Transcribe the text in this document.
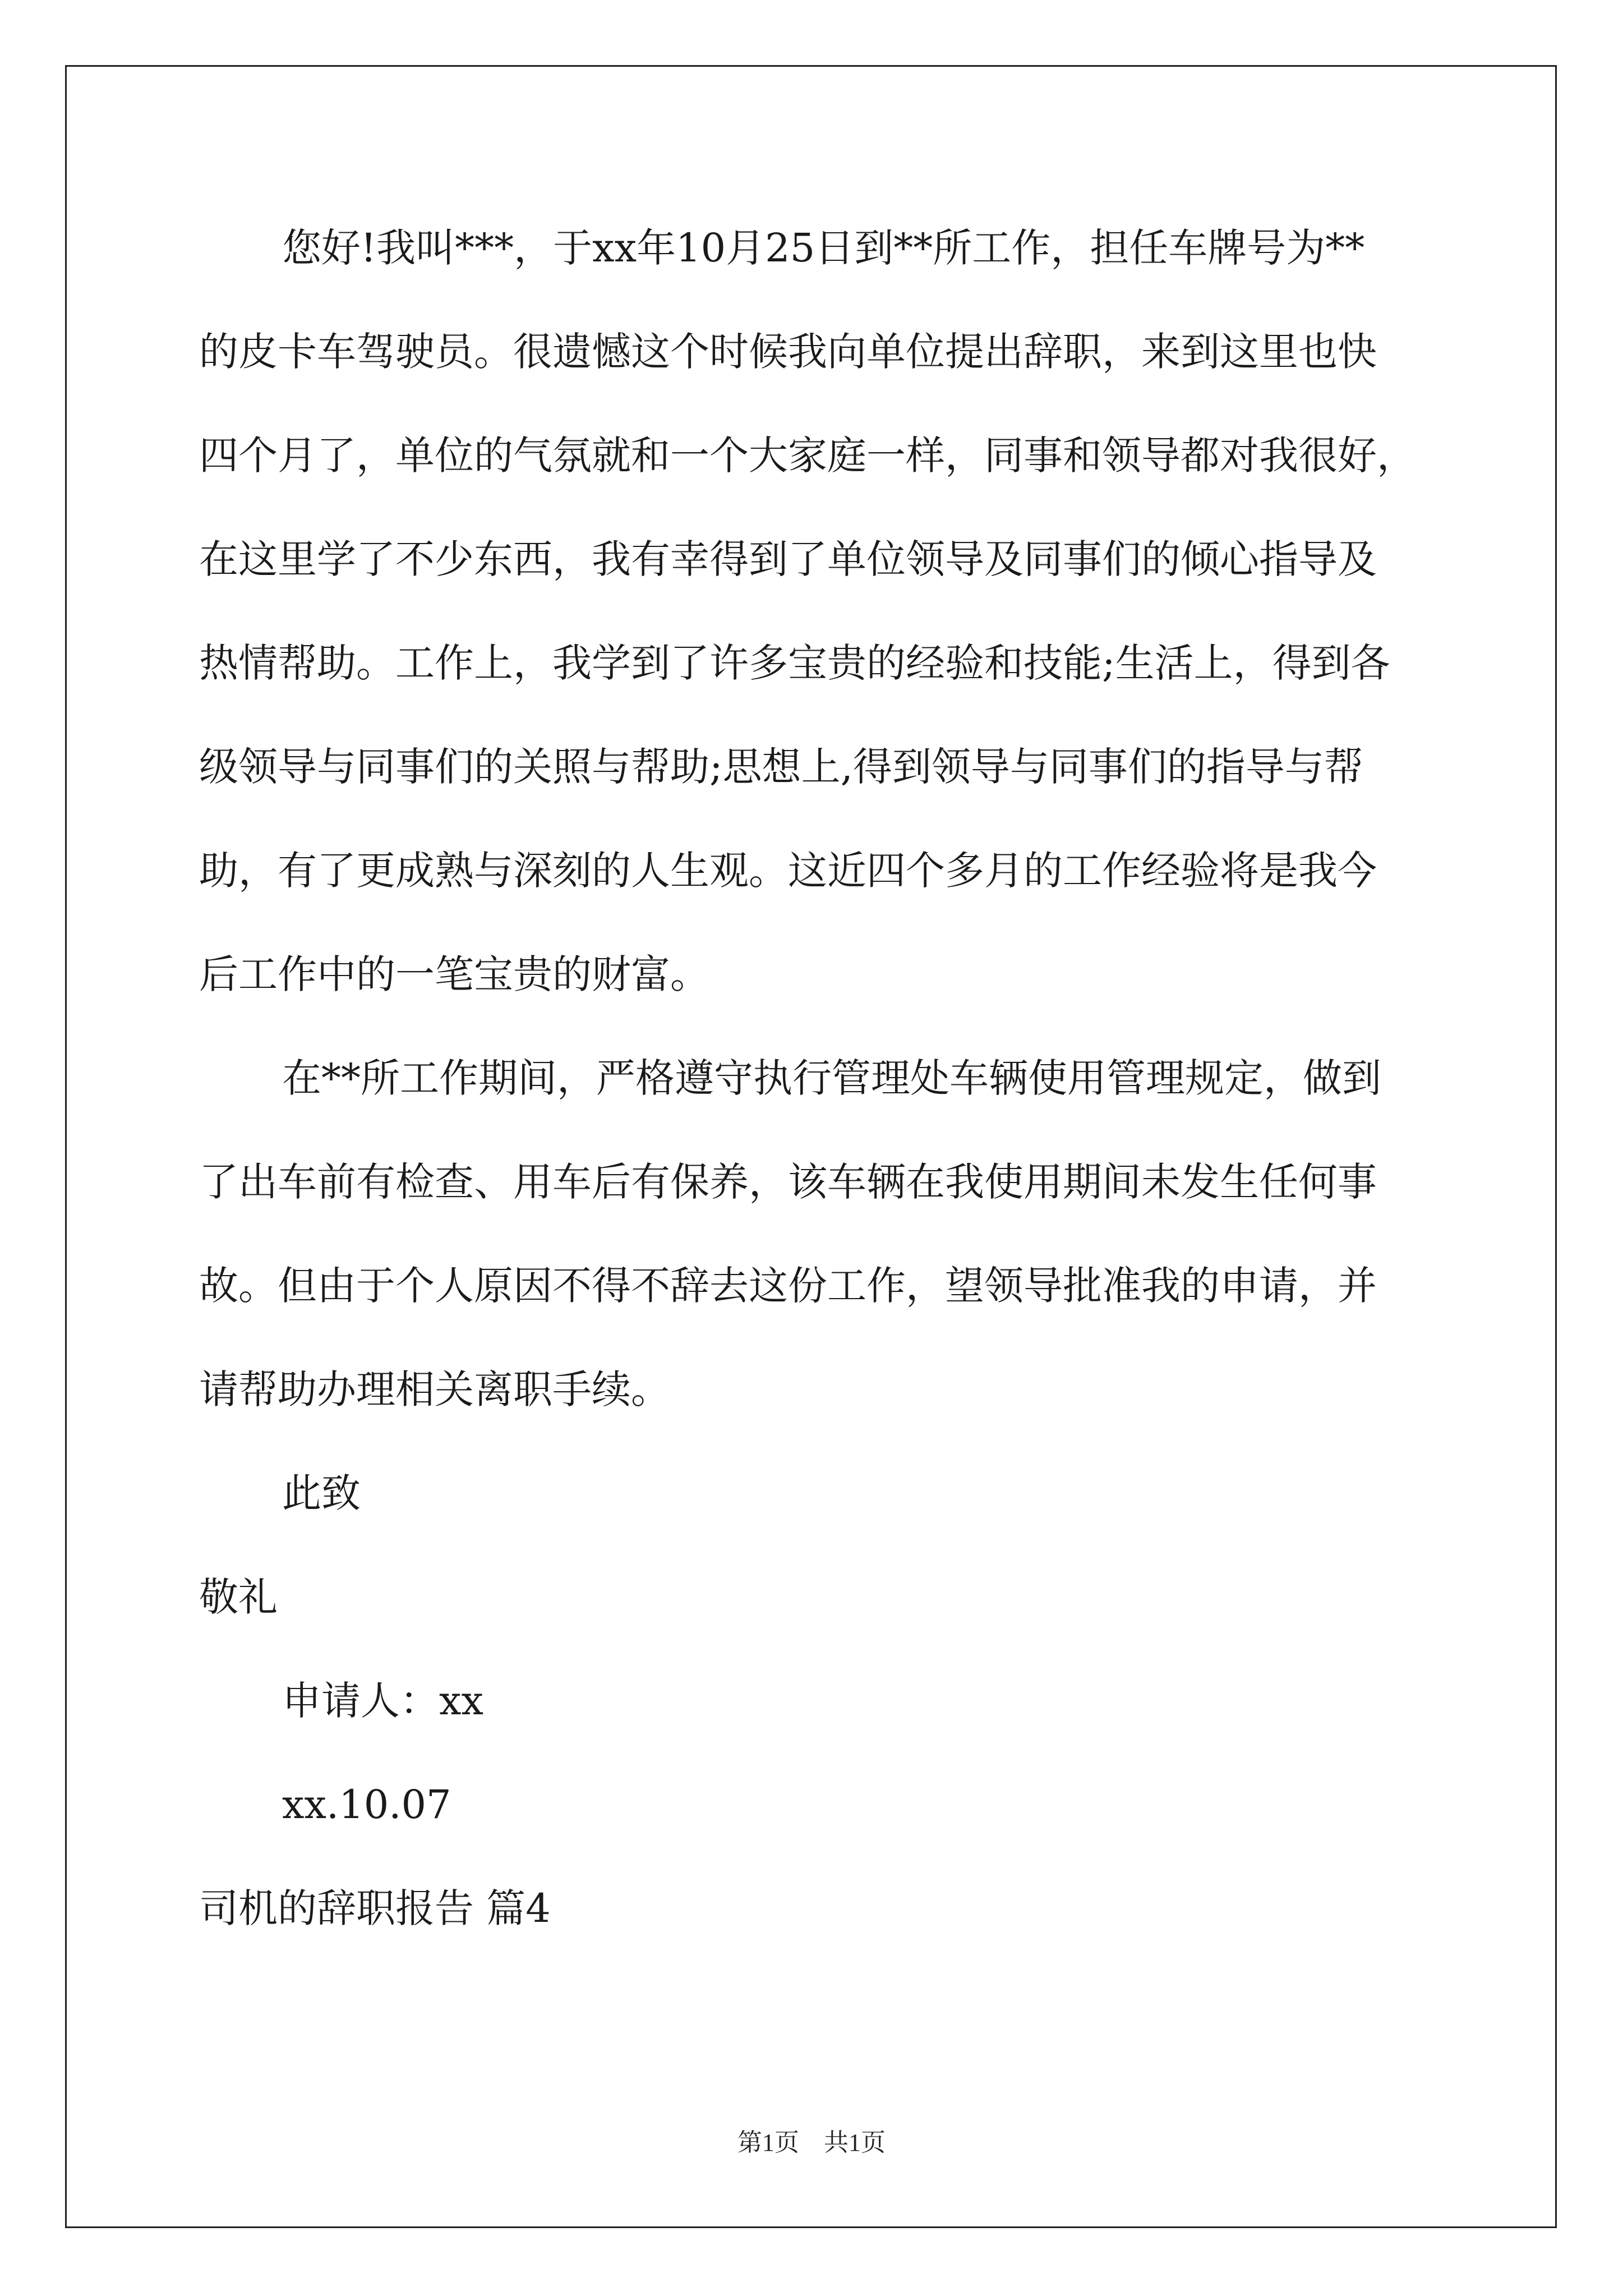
您好!我叫***，于xx年10月25日到**所工作，担任车牌号为**
的皮卡车驾驶员。很遗憾这个时候我向单位提出辞职，来到这里也快
四个月了，单位的气氛就和一个大家庭一样，同事和领导都对我很好，
在这里学了不少东西，我有幸得到了单位领导及同事们的倾心指导及
热情帮助。工作上，我学到了许多宝贵的经验和技能;生活上，得到各
级领导与同事们的关照与帮助;思想上,得到领导与同事们的指导与帮
助，有了更成熟与深刻的人生观。这近四个多月的工作经验将是我今
后工作中的一笔宝贵的财富。
在**所工作期间，严格遵守执行管理处车辆使用管理规定，做到
了出车前有检查、用车后有保养，该车辆在我使用期间未发生任何事
故。但由于个人原因不得不辞去这份工作，望领导批准我的申请，并
请帮助办理相关离职手续。
此致
敬礼
申请人：xx
xx.10.07
司机的辞职报告 篇4
第1页　共1页
